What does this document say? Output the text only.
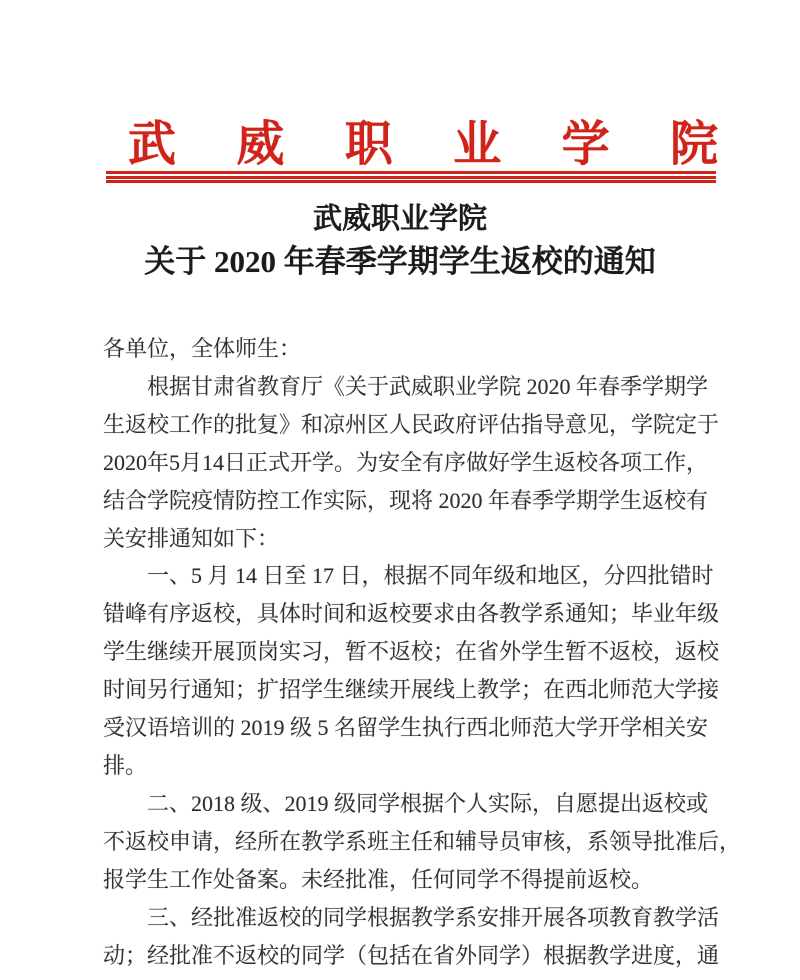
武 威 职 业 学 院
武威职业学院
关于 2020 年春季学期学生返校的通知
各单位，全体师生：
　　根据甘肃省教育厅《关于武威职业学院 2020 年春季学期学
生返校工作的批复》和凉州区人民政府评估指导意见，学院定于
2020年5月14日正式开学。为安全有序做好学生返校各项工作，
结合学院疫情防控工作实际，现将 2020 年春季学期学生返校有
关安排通知如下：
　　一、5 月 14 日至 17 日，根据不同年级和地区，分四批错时
错峰有序返校，具体时间和返校要求由各教学系通知；毕业年级
学生继续开展顶岗实习，暂不返校；在省外学生暂不返校，返校
时间另行通知；扩招学生继续开展线上教学；在西北师范大学接
受汉语培训的 2019 级 5 名留学生执行西北师范大学开学相关安
排。
　　二、2018 级、2019 级同学根据个人实际，自愿提出返校或
不返校申请，经所在教学系班主任和辅导员审核，系领导批准后，
报学生工作处备案。未经批准，任何同学不得提前返校。
　　三、经批准返校的同学根据教学系安排开展各项教育教学活
动；经批准不返校的同学（包括在省外同学）根据教学进度，通
